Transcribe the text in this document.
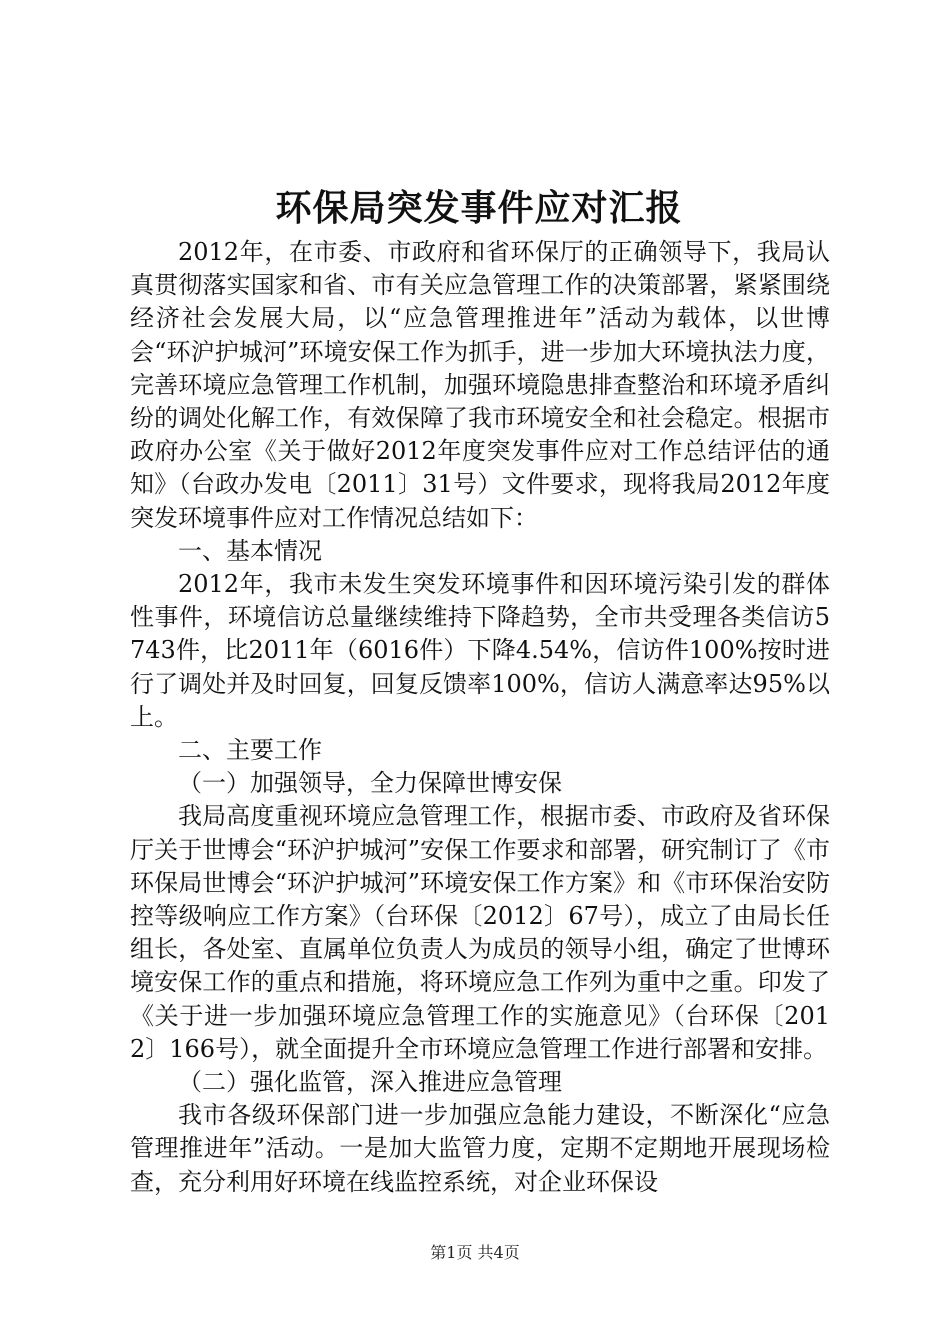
环保局突发事件应对汇报

2012年，在市委、市政府和省环保厅的正确领导下，我局认真贯彻落实国家和省、市有关应急管理工作的决策部署，紧紧围绕经济社会发展大局，以“应急管理推进年”活动为载体，以世博会“环沪护城河”环境安保工作为抓手，进一步加大环境执法力度，完善环境应急管理工作机制，加强环境隐患排查整治和环境矛盾纠纷的调处化解工作，有效保障了我市环境安全和社会稳定。根据市政府办公室《关于做好2012年度突发事件应对工作总结评估的通知》（台政办发电〔2011〕31号）文件要求，现将我局2012年度突发环境事件应对工作情况总结如下：

一、基本情况

2012年，我市未发生突发环境事件和因环境污染引发的群体性事件，环境信访总量继续维持下降趋势，全市共受理各类信访5743件，比2011年（6016件）下降4.54%，信访件100%按时进行了调处并及时回复，回复反馈率100%，信访人满意率达95%以上。

二、主要工作

（一）加强领导，全力保障世博安保

我局高度重视环境应急管理工作，根据市委、市政府及省环保厅关于世博会“环沪护城河”安保工作要求和部署，研究制订了《市环保局世博会“环沪护城河”环境安保工作方案》和《市环保治安防控等级响应工作方案》（台环保〔2012〕67号），成立了由局长任组长，各处室、直属单位负责人为成员的领导小组，确定了世博环境安保工作的重点和措施，将环境应急工作列为重中之重。印发了《关于进一步加强环境应急管理工作的实施意见》（台环保〔2012〕166号），就全面提升全市环境应急管理工作进行部署和安排。

（二）强化监管，深入推进应急管理

我市各级环保部门进一步加强应急能力建设，不断深化“应急管理推进年”活动。一是加大监管力度，定期不定期地开展现场检查，充分利用好环境在线监控系统，对企业环保设

第1页 共4页
